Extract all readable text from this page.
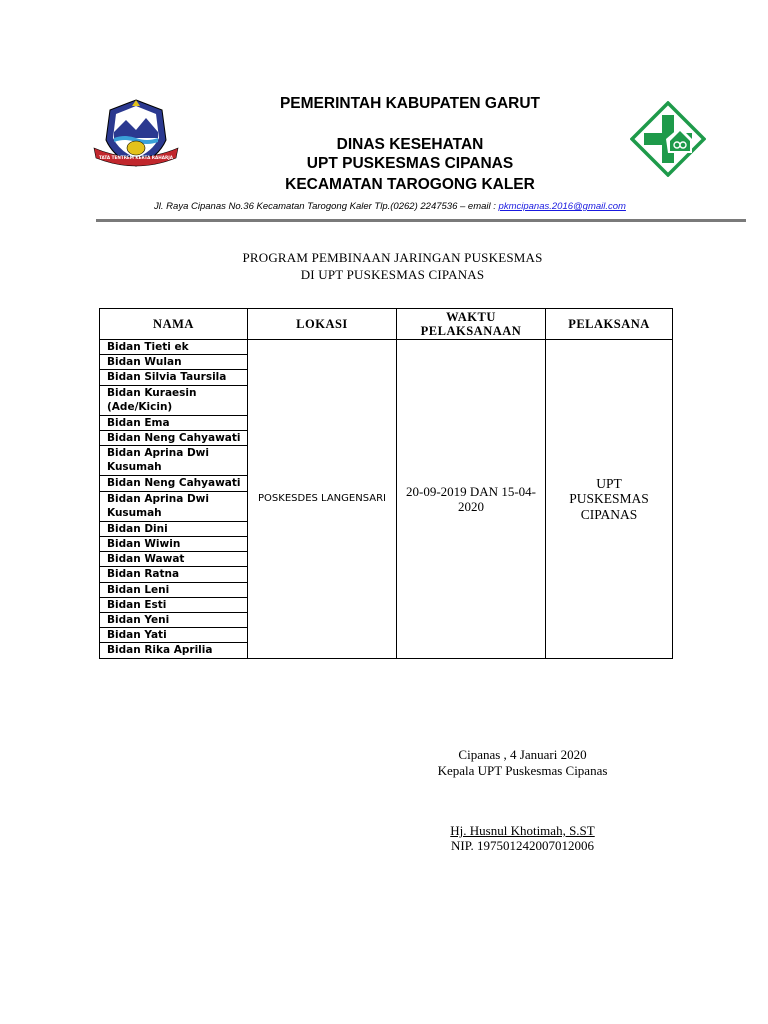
TATA TENTREM KERTA RAHARJA
PEMERINTAH KABUPATEN GARUT
DINAS KESEHATAN
UPT PUSKESMAS CIPANAS
KECAMATAN TAROGONG KALER
Jl. Raya Cipanas No.36 Kecamatan Tarogong Kaler Tlp.(0262) 2247536 – email : pkmcipanas.2016@gmail.com
PROGRAM PEMBINAAN JARINGAN PUSKESMAS
DI UPT PUSKESMAS CIPANAS
NAMA	LOKASI	WAKTU PELAKSANAAN	PELAKSANA
Bidan Tieti ek	POSKESDES LANGENSARI	20-09-2019 DAN 15-04-2020	UPT PUSKESMAS CIPANAS
Bidan Wulan			
Bidan Silvia Taursila			
Bidan Kuraesin (Ade/Kicin)			
Bidan Ema			
Bidan Neng Cahyawati			
Bidan Aprina Dwi Kusumah			
Bidan Neng Cahyawati			
Bidan Aprina Dwi Kusumah			
Bidan Dini			
Bidan Wiwin			
Bidan Wawat			
Bidan Ratna			
Bidan Leni			
Bidan Esti			
Bidan Yeni			
Bidan Yati			
Bidan Rika Aprilia			
Cipanas , 4 Januari 2020
Kepala UPT Puskesmas Cipanas
Hj. Husnul Khotimah, S.ST
NIP. 197501242007012006
